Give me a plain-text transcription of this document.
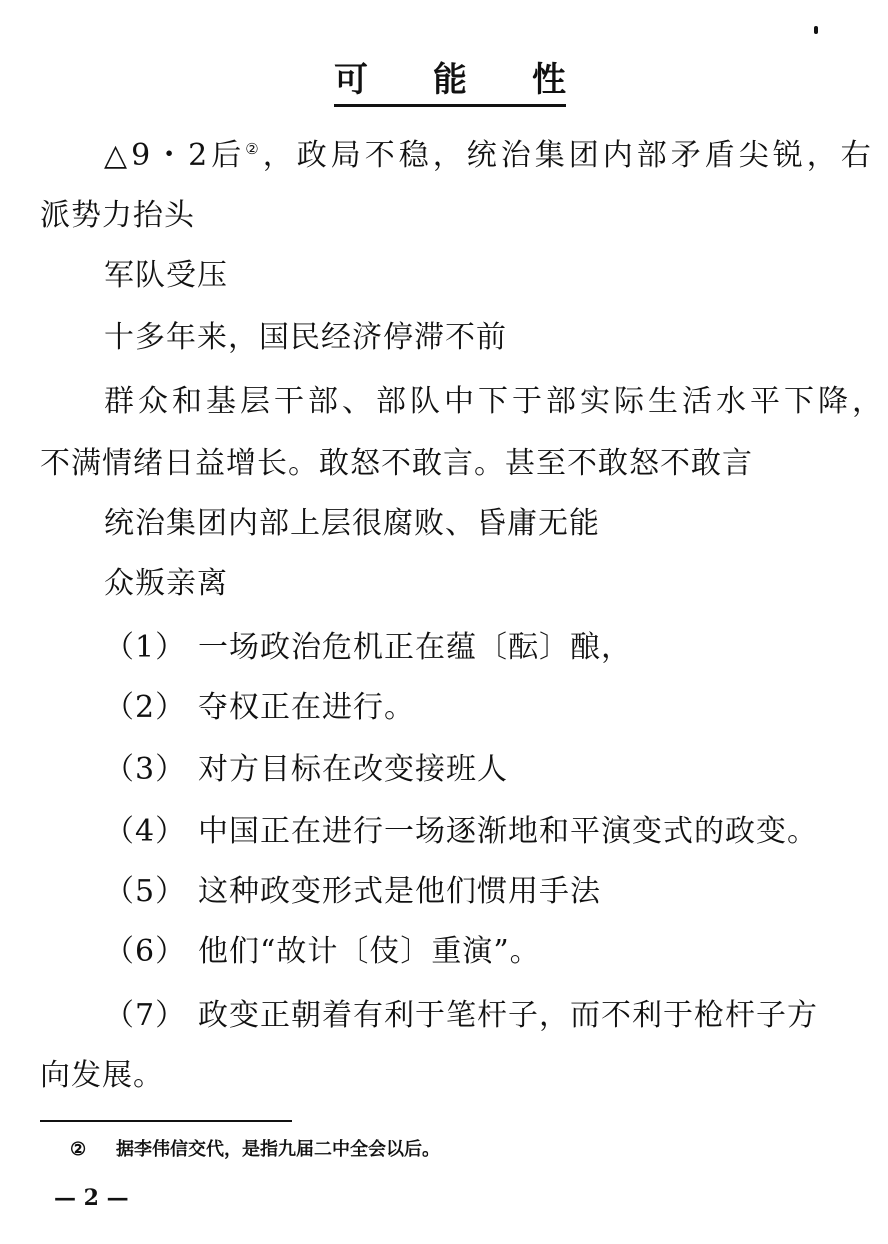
可 能 性
△9・2后②，政局不稳，统治集团内部矛盾尖锐，右
派势力抬头
军队受压
十多年来，国民经济停滞不前
群众和基层干部、部队中下于部实际生活水平下降，
不满情绪日益增长。敢怒不敢言。甚至不敢怒不敢言
统治集团内部上层很腐败、昏庸无能
众叛亲离
（1） 一场政治危机正在蕴〔酝〕酿，
（2） 夺权正在进行。
（3） 对方目标在改变接班人
（4） 中国正在进行一场逐渐地和平演变式的政变。
（5） 这种政变形式是他们惯用手法
（6） 他们“故计〔伎〕重演”。
（7） 政变正朝着有利于笔杆子，而不利于枪杆子方
向发展。
② 据李伟信交代，是指九届二中全会以后。
— 2 —
